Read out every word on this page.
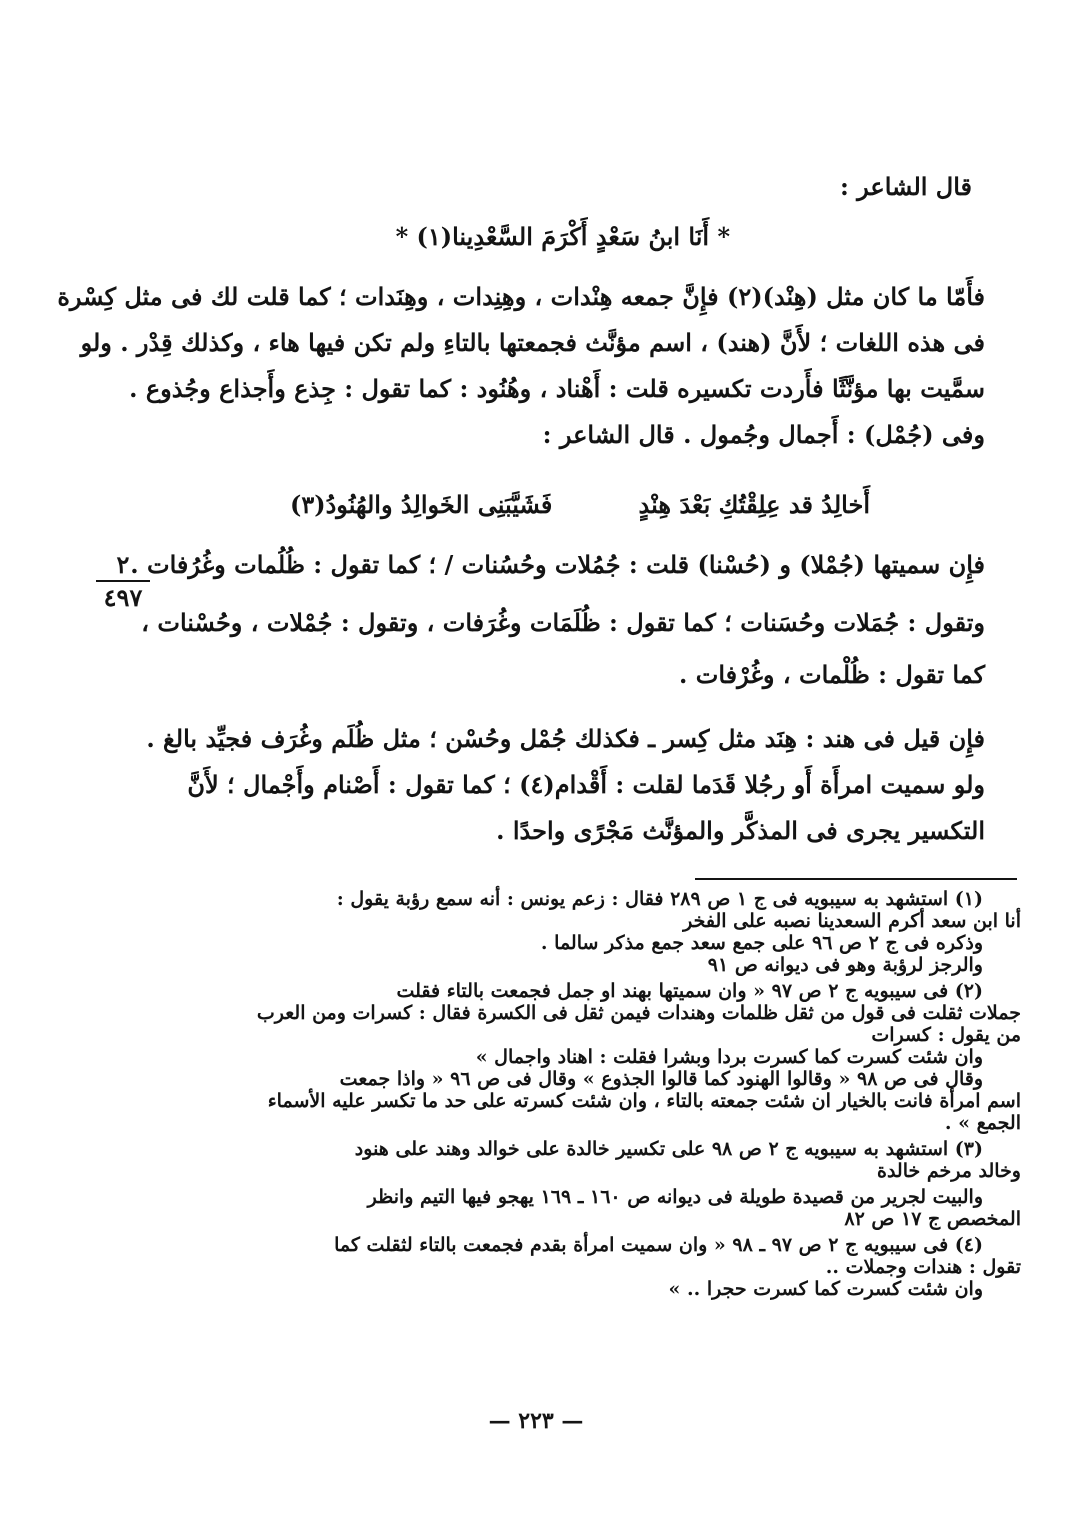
قال الشاعر :
* أَنَا ابنُ سَعْدٍ أَكْرَمَ السَّعْدِينا(١) *
فأَمّا ما كان مثل (هِنْد)(٢) فإِنَّ جمعه هِنْدات ، وهِنِدات ، وهِنَدات ؛ كما قلت لك فى مثل كِسْرة
فى هذه اللغات ؛ لأَنَّ (هند) ، اسم مؤنَّث فجمعتها بالتاءِ ولم تكن فيها هاء ، وكذلك قِدْر . ولو
سمَّيت بها مؤنَّثًا فأَردت تكسيره قلت : أَهْناد ، وهُنُود : كما تقول : جِذع وأَجذاع وجُذوع .
وفى (جُمْل) : أَجمال وجُمول . قال الشاعر :
أَخالِدُ قد عِلِقْتُكِ بَعْدَ هِنْدٍ
فَشَيَّبَنِى الخَوالِدُ والهُنُودُ(٣)
٢
٤٩٧
فإِن سميتها (جُمْلا) و (حُسْنا) قلت : جُمُلات وحُسُنات / ؛ كما تقول : ظُلُمات وغُرُفات .
وتقول : جُمَلات وحُسَنات ؛ كما تقول : ظُلَمَات وغُرَفات ، وتقول : جُمْلات ، وحُسْنات ،
كما تقول : ظُلْمات ، وغُرْفات .
فإِن قيل فى هند : هِنَد مثل كِسر ـ فكذلك جُمْل وحُسْن ؛ مثل ظُلَم وغُرَف فجيِّد بالغ .
ولو سميت امرأَة أَو رجُلا قَدَما لقلت : أَقْدام(٤) ؛ كما تقول : أَصْنام وأَجْمال ؛ لأَنَّ
التكسير يجرى فى المذكَّر والمؤنَّث مَجْرًى واحدًا .
(١) استشهد به سيبويه فى ج ١ ص ٢٨٩ فقال : زعم يونس : أنه سمع رؤبة يقول :
أنا ابن سعد أكرم السعدينا نصبه على الفخر
وذكره فى ج ٢ ص ٩٦ على جمع سعد جمع مذكر سالما .
والرجز لرؤبة وهو فى ديوانه ص ٩١
(٢) فى سيبويه ج ٢ ص ٩٧ « وان سميتها بهند او جمل فجمعت بالتاء فقلت
جملات ثقلت فى قول من ثقل ظلمات وهندات فيمن ثقل فى الكسرة فقال : كسرات ومن العرب
من يقول : كسرات
وان شئت كسرت كما كسرت بردا وبشرا فقلت : اهناد واجمال »
وقال فى ص ٩٨ « وقالوا الهنود كما قالوا الجذوع » وقال فى ص ٩٦ « واذا جمعت
اسم امرأة فانت بالخيار ان شئت جمعته بالتاء ، وان شئت كسرته على حد ما تكسر عليه الأسماء
الجمع » .
(٣) استشهد به سيبويه ج ٢ ص ٩٨ على تكسير خالدة على خوالد وهند على هنود
وخالد مرخم خالدة
والبيت لجرير من قصيدة طويلة فى ديوانه ص ١٦٠ ـ ١٦٩ يهجو فيها التيم وانظر
المخصص ج ١٧ ص ٨٢
(٤) فى سيبويه ج ٢ ص ٩٧ ـ ٩٨ « وان سميت امرأة بقدم فجمعت بالتاء لثقلت كما
تقول : هندات وجملات ..
وان شئت كسرت كما كسرت حجرا .. »
— ٢٢٣ —
